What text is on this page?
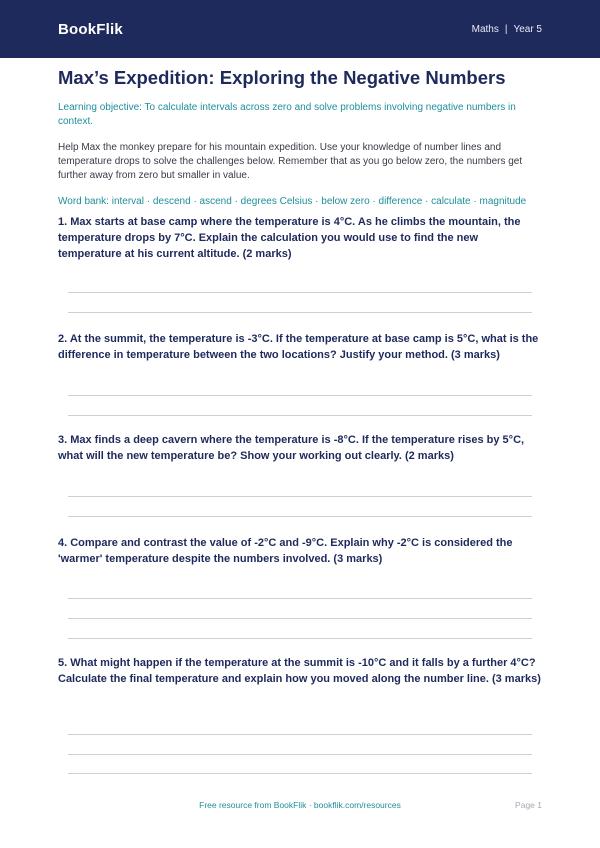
BookFlik	Maths | Year 5
Max’s Expedition: Exploring the Negative Numbers

Learning objective: To calculate intervals across zero and solve problems involving negative numbers in context.

Help Max the monkey prepare for his mountain expedition. Use your knowledge of number lines and temperature drops to solve the challenges below. Remember that as you go below zero, the numbers get further away from zero but smaller in value.

Word bank: interval · descend · ascend · degrees Celsius · below zero · difference · calculate · magnitude

1. Max starts at base camp where the temperature is 4°C. As he climbs the mountain, the temperature drops by 7°C. Explain the calculation you would use to find the new temperature at his current altitude. (2 marks)
2. At the summit, the temperature is -3°C. If the temperature at base camp is 5°C, what is the difference in temperature between the two locations? Justify your method. (3 marks)
3. Max finds a deep cavern where the temperature is -8°C. If the temperature rises by 5°C, what will the new temperature be? Show your working out clearly. (2 marks)
4. Compare and contrast the value of -2°C and -9°C. Explain why -2°C is considered the 'warmer' temperature despite the numbers involved. (3 marks)
5. What might happen if the temperature at the summit is -10°C and it falls by a further 4°C? Calculate the final temperature and explain how you moved along the number line. (3 marks)
Free resource from BookFlik · bookflik.com/resources	Page 1
